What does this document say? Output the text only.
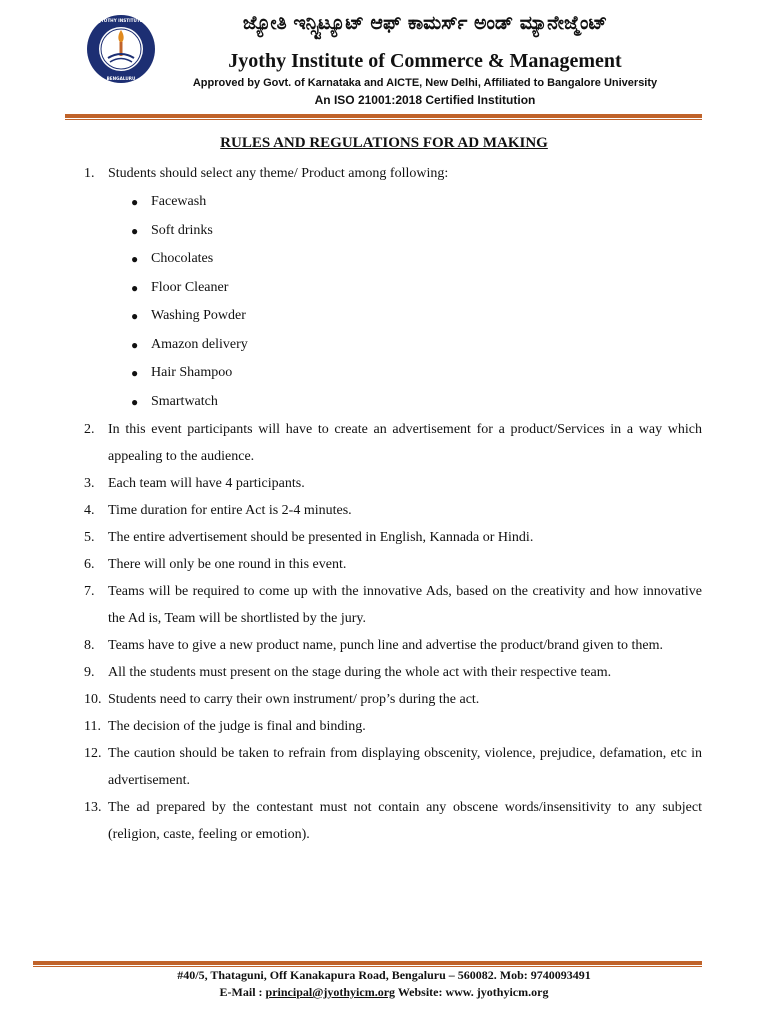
JYOTHY INSTITUTE
BENGALURU
ಜ್ಯೋತಿ ಇನ್ಸ್ಟಿಟ್ಯೂಟ್ ಆಫ್ ಕಾಮರ್ಸ್ ಅಂಡ್ ಮ್ಯಾನೇಜ್ಮೆಂಟ್
Jyothy Institute of Commerce & Management
Approved by Govt. of Karnataka and AICTE, New Delhi, Affiliated to Bangalore University
An ISO 21001:2018 Certified Institution
RULES AND REGULATIONS FOR AD MAKING
1. Students should select any theme/ Product among following:
● Facewash
● Soft drinks
● Chocolates
● Floor Cleaner
● Washing Powder
● Amazon delivery
● Hair Shampoo
● Smartwatch
2. In this event participants will have to create an advertisement for a product/Services in a way which appealing to the audience.
3. Each team will have 4 participants.
4. Time duration for entire Act is 2-4 minutes.
5. The entire advertisement should be presented in English, Kannada or Hindi.
6. There will only be one round in this event.
7. Teams will be required to come up with the innovative Ads, based on the creativity and how innovative the Ad is, Team will be shortlisted by the jury.
8. Teams have to give a new product name, punch line and advertise the product/brand given to them.
9. All the students must present on the stage during the whole act with their respective team.
10. Students need to carry their own instrument/ prop’s during the act.
11. The decision of the judge is final and binding.
12. The caution should be taken to refrain from displaying obscenity, violence, prejudice, defamation, etc in advertisement.
13. The ad prepared by the contestant must not contain any obscene words/insensitivity to any subject (religion, caste, feeling or emotion).
#40/5, Thataguni, Off Kanakapura Road, Bengaluru – 560082. Mob: 9740093491
E-Mail : principal@jyothyicm.org Website: www. jyothyicm.org
